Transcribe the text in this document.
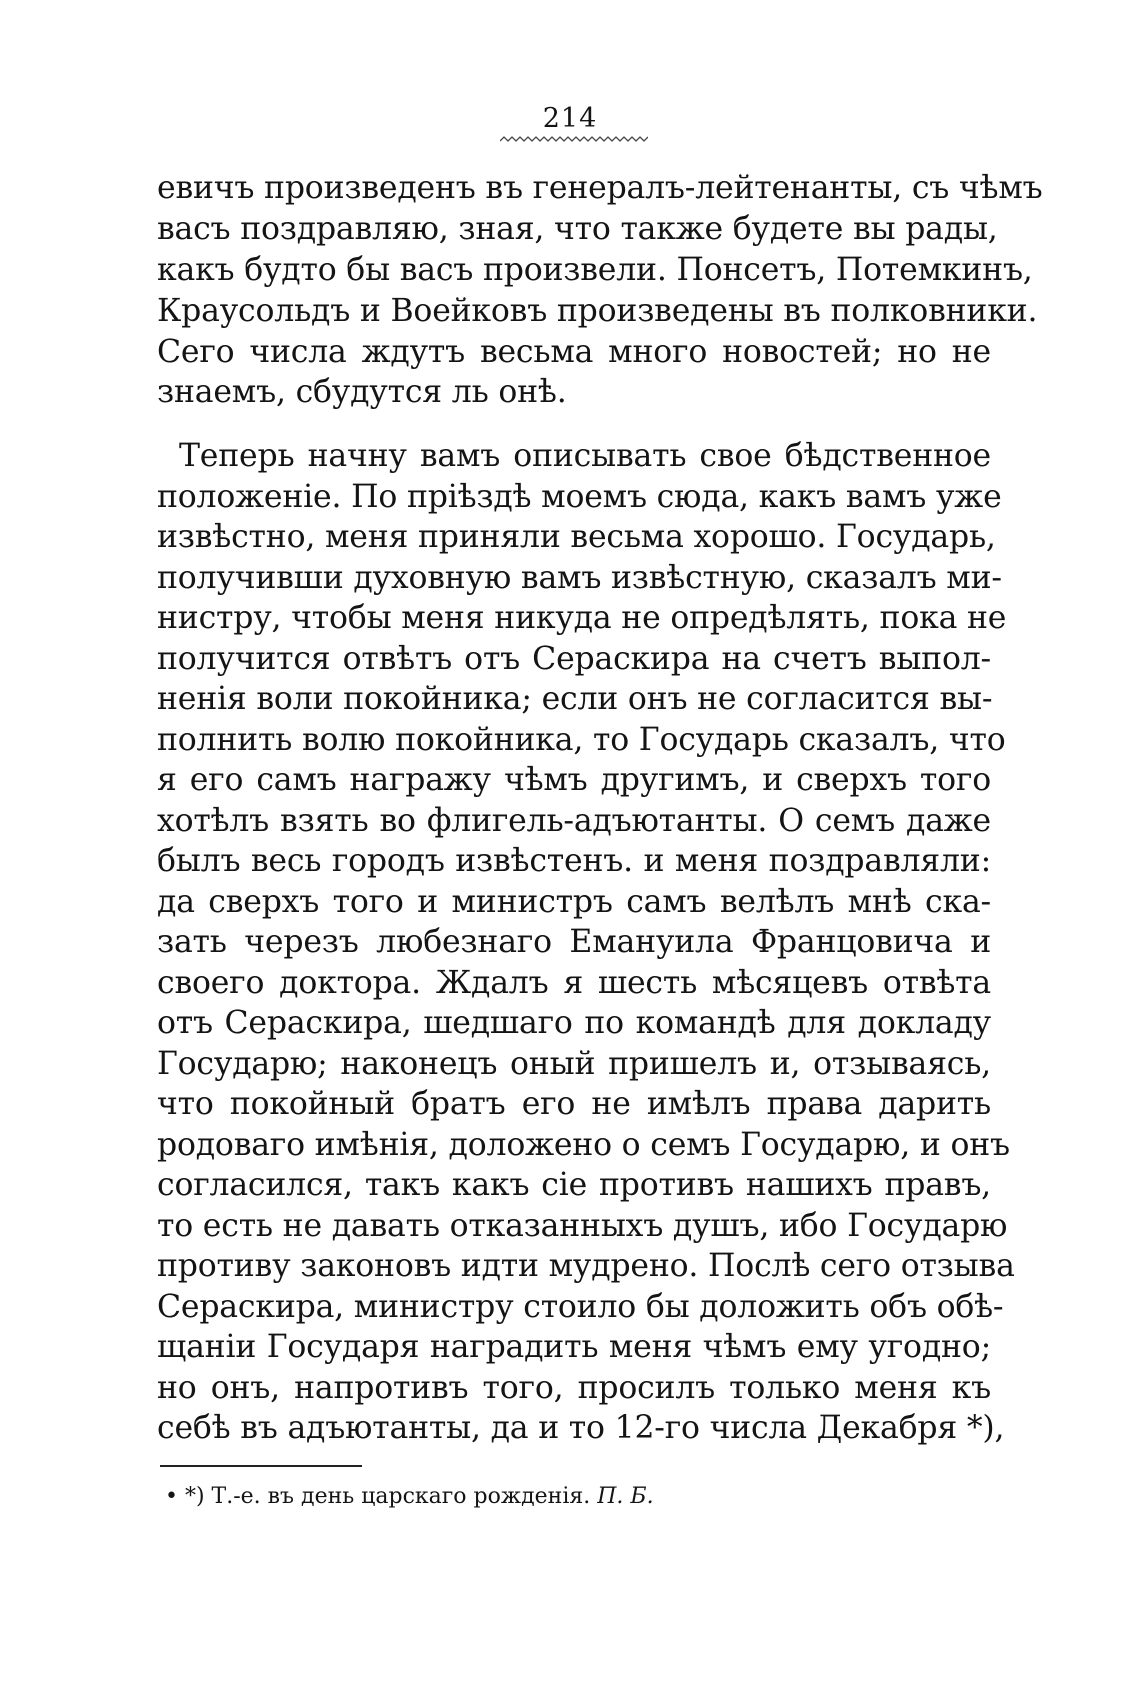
214
евичъ произведенъ въ генералъ-лейтенанты, съ чѣмъ
васъ поздравляю, зная, что также будете вы рады,
какъ будто бы васъ произвели. Понсетъ, Потемкинъ,
Краусольдъ и Воейковъ произведены въ полковники.
Сего числа ждутъ весьма много новостей; но не
знаемъ, сбудутся ль онѣ.
Теперь начну вамъ описывать свое бѣдственное
положеніе. По пріѣздѣ моемъ сюда, какъ вамъ уже
извѣстно, меня приняли весьма хорошо. Государь,
получивши духовную вамъ извѣстную, сказалъ ми-
нистру, чтобы меня никуда не опредѣлять, пока не
получится отвѣтъ отъ Сераскира на счетъ выпол-
ненія воли покойника; если онъ не согласится вы-
полнить волю покойника, то Государь сказалъ, что
я его самъ награжу чѣмъ другимъ, и сверхъ того
хотѣлъ взять во флигель-адъютанты. О семъ даже
былъ весь городъ извѣстенъ. и меня поздравляли:
да сверхъ того и министръ самъ велѣлъ мнѣ ска-
зать черезъ любезнаго Емануила Францовича и
своего доктора. Ждалъ я шесть мѣсяцевъ отвѣта
отъ Сераскира, шедшаго по командѣ для докладу
Государю; наконецъ оный пришелъ и, отзываясь,
что покойный братъ его не имѣлъ права дарить
родоваго имѣнія, доложено о семъ Государю, и онъ
согласился, такъ какъ сіе противъ нашихъ правъ,
то есть не давать отказанныхъ душъ, ибо Государю
противу законовъ идти мудрено. Послѣ сего отзыва
Сераскира, министру стоило бы доложить объ обѣ-
щаніи Государя наградить меня чѣмъ ему угодно;
но онъ, напротивъ того, просилъ только меня къ
себѣ въ адъютанты, да и то 12-го числа Декабря *),
• *) Т.-е. въ день царскаго рожденія. П. Б.
